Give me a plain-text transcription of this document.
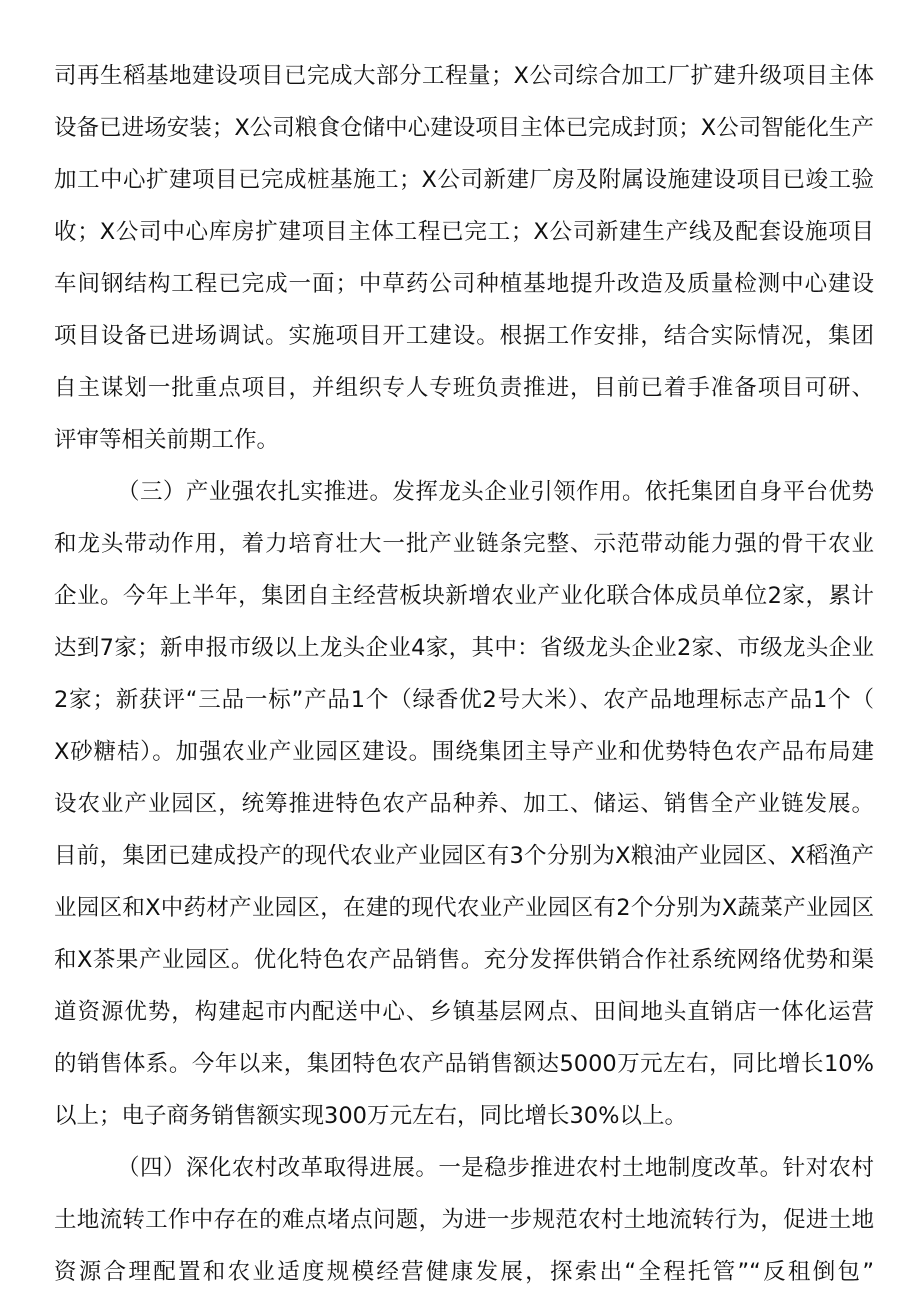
司再生稻基地建设项目已完成大部分工程量；X公司综合加工厂扩建升级项目主体
设备已进场安装；X公司粮食仓储中心建设项目主体已完成封顶；X公司智能化生产
加工中心扩建项目已完成桩基施工；X公司新建厂房及附属设施建设项目已竣工验
收；X公司中心库房扩建项目主体工程已完工；X公司新建生产线及配套设施项目
车间钢结构工程已完成一面；中草药公司种植基地提升改造及质量检测中心建设
项目设备已进场调试。实施项目开工建设。根据工作安排，结合实际情况，集团
自主谋划一批重点项目，并组织专人专班负责推进，目前已着手准备项目可研、
评审等相关前期工作。
（三）产业强农扎实推进。发挥龙头企业引领作用。依托集团自身平台优势
和龙头带动作用，着力培育壮大一批产业链条完整、示范带动能力强的骨干农业
企业。今年上半年，集团自主经营板块新增农业产业化联合体成员单位2家，累计
达到7家；新申报市级以上龙头企业4家，其中：省级龙头企业2家、市级龙头企业
2家；新获评“三品一标”产品1个（绿香优2号大米）、农产品地理标志产品1个（
X砂糖桔）。加强农业产业园区建设。围绕集团主导产业和优势特色农产品布局建
设农业产业园区，统筹推进特色农产品种养、加工、储运、销售全产业链发展。
目前，集团已建成投产的现代农业产业园区有3个分别为X粮油产业园区、X稻渔产
业园区和X中药材产业园区，在建的现代农业产业园区有2个分别为X蔬菜产业园区
和X茶果产业园区。优化特色农产品销售。充分发挥供销合作社系统网络优势和渠
道资源优势，构建起市内配送中心、乡镇基层网点、田间地头直销店一体化运营
的销售体系。今年以来，集团特色农产品销售额达5000万元左右，同比增长10%
以上；电子商务销售额实现300万元左右，同比增长30%以上。
（四）深化农村改革取得进展。一是稳步推进农村土地制度改革。针对农村
土地流转工作中存在的难点堵点问题，为进一步规范农村土地流转行为，促进土地
资源合理配置和农业适度规模经营健康发展，探索出“全程托管”“反租倒包”
